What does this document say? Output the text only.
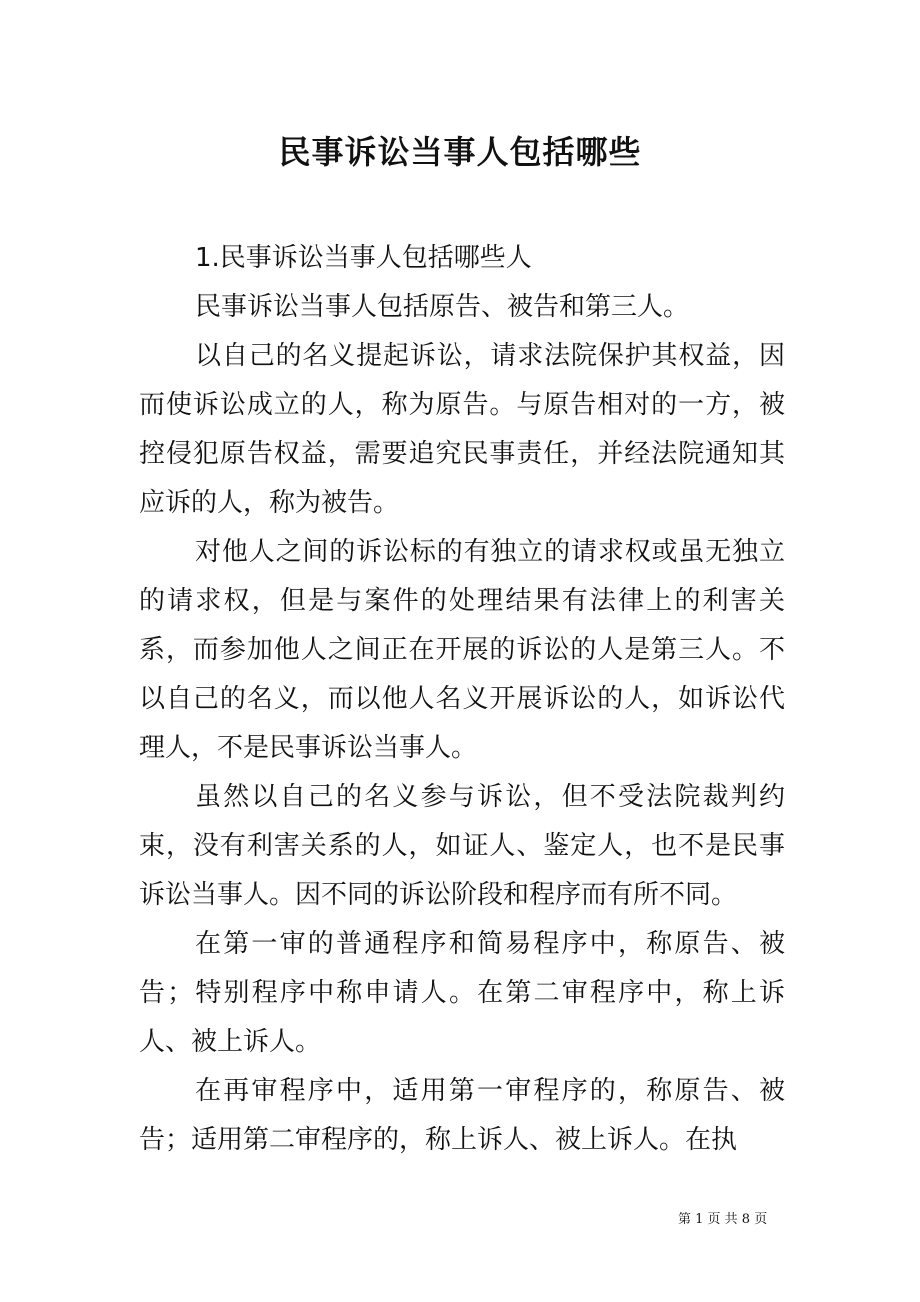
民事诉讼当事人包括哪些

1.民事诉讼当事人包括哪些人

民事诉讼当事人包括原告、被告和第三人。

以自己的名义提起诉讼，请求法院保护其权益，因而使诉讼成立的人，称为原告。与原告相对的一方，被控侵犯原告权益，需要追究民事责任，并经法院通知其应诉的人，称为被告。

对他人之间的诉讼标的有独立的请求权或虽无独立的请求权，但是与案件的处理结果有法律上的利害关系，而参加他人之间正在开展的诉讼的人是第三人。不以自己的名义，而以他人名义开展诉讼的人，如诉讼代理人，不是民事诉讼当事人。

虽然以自己的名义参与诉讼，但不受法院裁判约束，没有利害关系的人，如证人、鉴定人，也不是民事诉讼当事人。因不同的诉讼阶段和程序而有所不同。

在第一审的普通程序和简易程序中，称原告、被告；特别程序中称申请人。在第二审程序中，称上诉人、被上诉人。

在再审程序中，适用第一审程序的，称原告、被告；适用第二审程序的，称上诉人、被上诉人。在执

第 1 页 共 8 页
